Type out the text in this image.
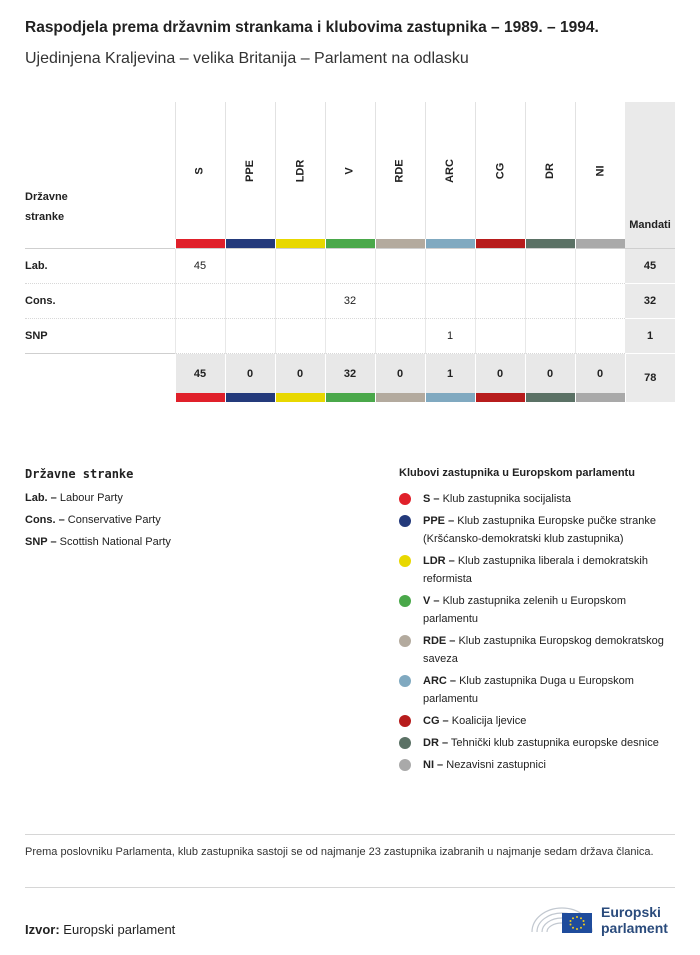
Raspodjela prema državnim strankama i klubovima zastupnika – 1989. – 1994.
Ujedinjena Kraljevina – velika Britanija – Parlament na odlasku
Državne
stranke	S	PPE	LDR	V	RDE	ARC	CG	DR	NI	Mandati

Lab.	45									45
Cons.				32						32
SNP						1				1
	45	0	0	32	0	1	0	0	0	78

Državne stranke
Lab. – Labour Party
Cons. – Conservative Party
SNP – Scottish National Party
Klubovi zastupnika u Europskom parlamentu
S – Klub zastupnika socijalista
PPE – Klub zastupnika Europske pučke stranke (Kršćansko-demokratski klub zastupnika)
LDR – Klub zastupnika liberala i demokratskih reformista
V – Klub zastupnika zelenih u Europskom parlamentu
RDE – Klub zastupnika Europskog demokratskog saveza
ARC – Klub zastupnika Duga u Europskom parlamentu
CG – Koalicija ljevice
DR – Tehnički klub zastupnika europske desnice
NI – Nezavisni zastupnici
Prema poslovniku Parlamenta, klub zastupnika sastoji se od najmanje 23 zastupnika izabranih u najmanje sedam država članica.
Izvor: Europski parlament
Europski
parlament
